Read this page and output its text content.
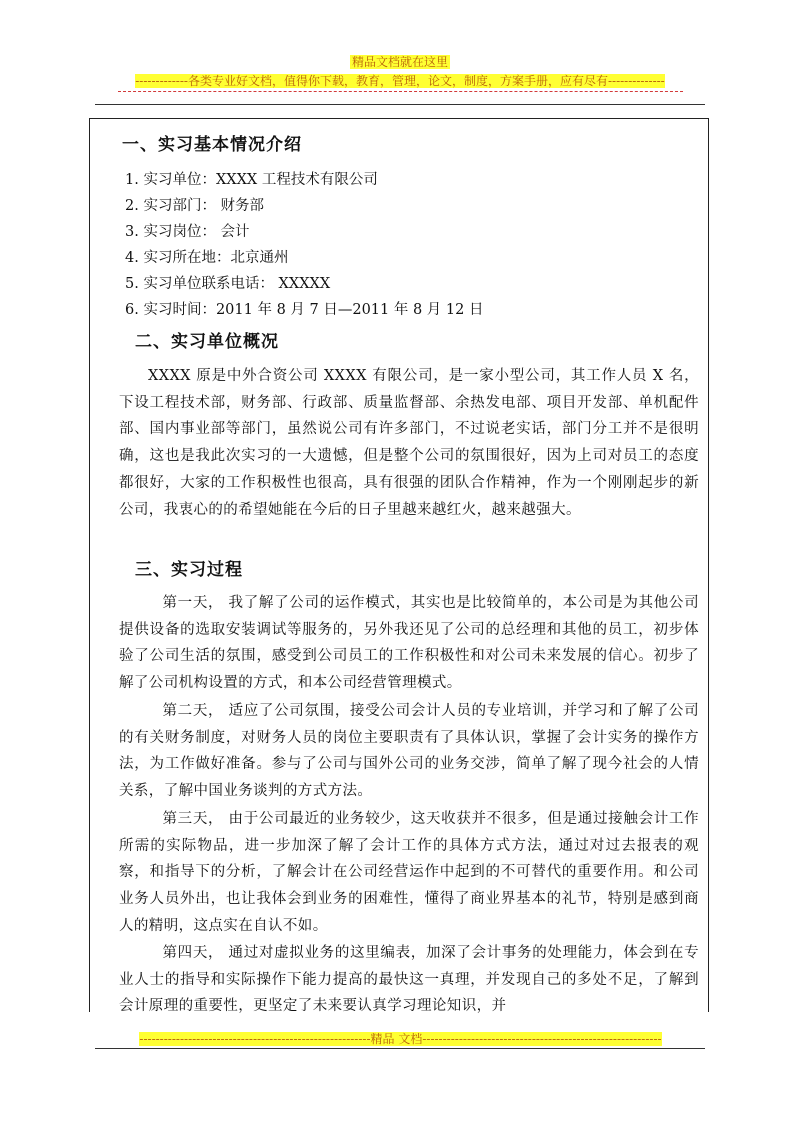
精品文档就在这里
-------------各类专业好文档，值得你下载，教育，管理，论文，制度，方案手册，应有尽有--------------
一、实习基本情况介绍
1. 实习单位：XXXX 工程技术有限公司
2. 实习部门： 财务部
3. 实习岗位： 会计
4. 实习所在地：北京通州
5. 实习单位联系电话： XXXXX
6. 实习时间：2011 年 8 月 7 日—2011 年 8 月 12 日
二、实习单位概况
XXXX 原是中外合资公司 XXXX 有限公司，是一家小型公司，其工作人员 X 名，下设工程技术部，财务部、行政部、质量监督部、余热发电部、项目开发部、单机配件部、国内事业部等部门，虽然说公司有许多部门，不过说老实话，部门分工并不是很明确，这也是我此次实习的一大遗憾，但是整个公司的氛围很好，因为上司对员工的态度都很好，大家的工作积极性也很高，具有很强的团队合作精神，作为一个刚刚起步的新公司，我衷心的的希望她能在今后的日子里越来越红火，越来越强大。
三、实习过程
第一天， 我了解了公司的运作模式，其实也是比较简单的，本公司是为其他公司提供设备的选取安装调试等服务的，另外我还见了公司的总经理和其他的员工，初步体验了公司生活的氛围，感受到公司员工的工作积极性和对公司未来发展的信心。初步了解了公司机构设置的方式，和本公司经营管理模式。
第二天， 适应了公司氛围，接受公司会计人员的专业培训，并学习和了解了公司的有关财务制度，对财务人员的岗位主要职责有了具体认识，掌握了会计实务的操作方法，为工作做好准备。参与了公司与国外公司的业务交涉，简单了解了现今社会的人情关系，了解中国业务谈判的方式方法。
第三天， 由于公司最近的业务较少，这天收获并不很多，但是通过接触会计工作所需的实际物品，进一步加深了解了会计工作的具体方式方法，通过对过去报表的观察，和指导下的分析，了解会计在公司经营运作中起到的不可替代的重要作用。和公司业务人员外出，也让我体会到业务的困难性，懂得了商业界基本的礼节，特别是感到商人的精明，这点实在自认不如。
第四天， 通过对虚拟业务的这里编表，加深了会计事务的处理能力，体会到在专业人士的指导和实际操作下能力提高的最快这一真理，并发现自己的多处不足，了解到会计原理的重要性，更坚定了未来要认真学习理论知识，并
---------------------------------------------------------精品 文档-----------------------------------------------------------
